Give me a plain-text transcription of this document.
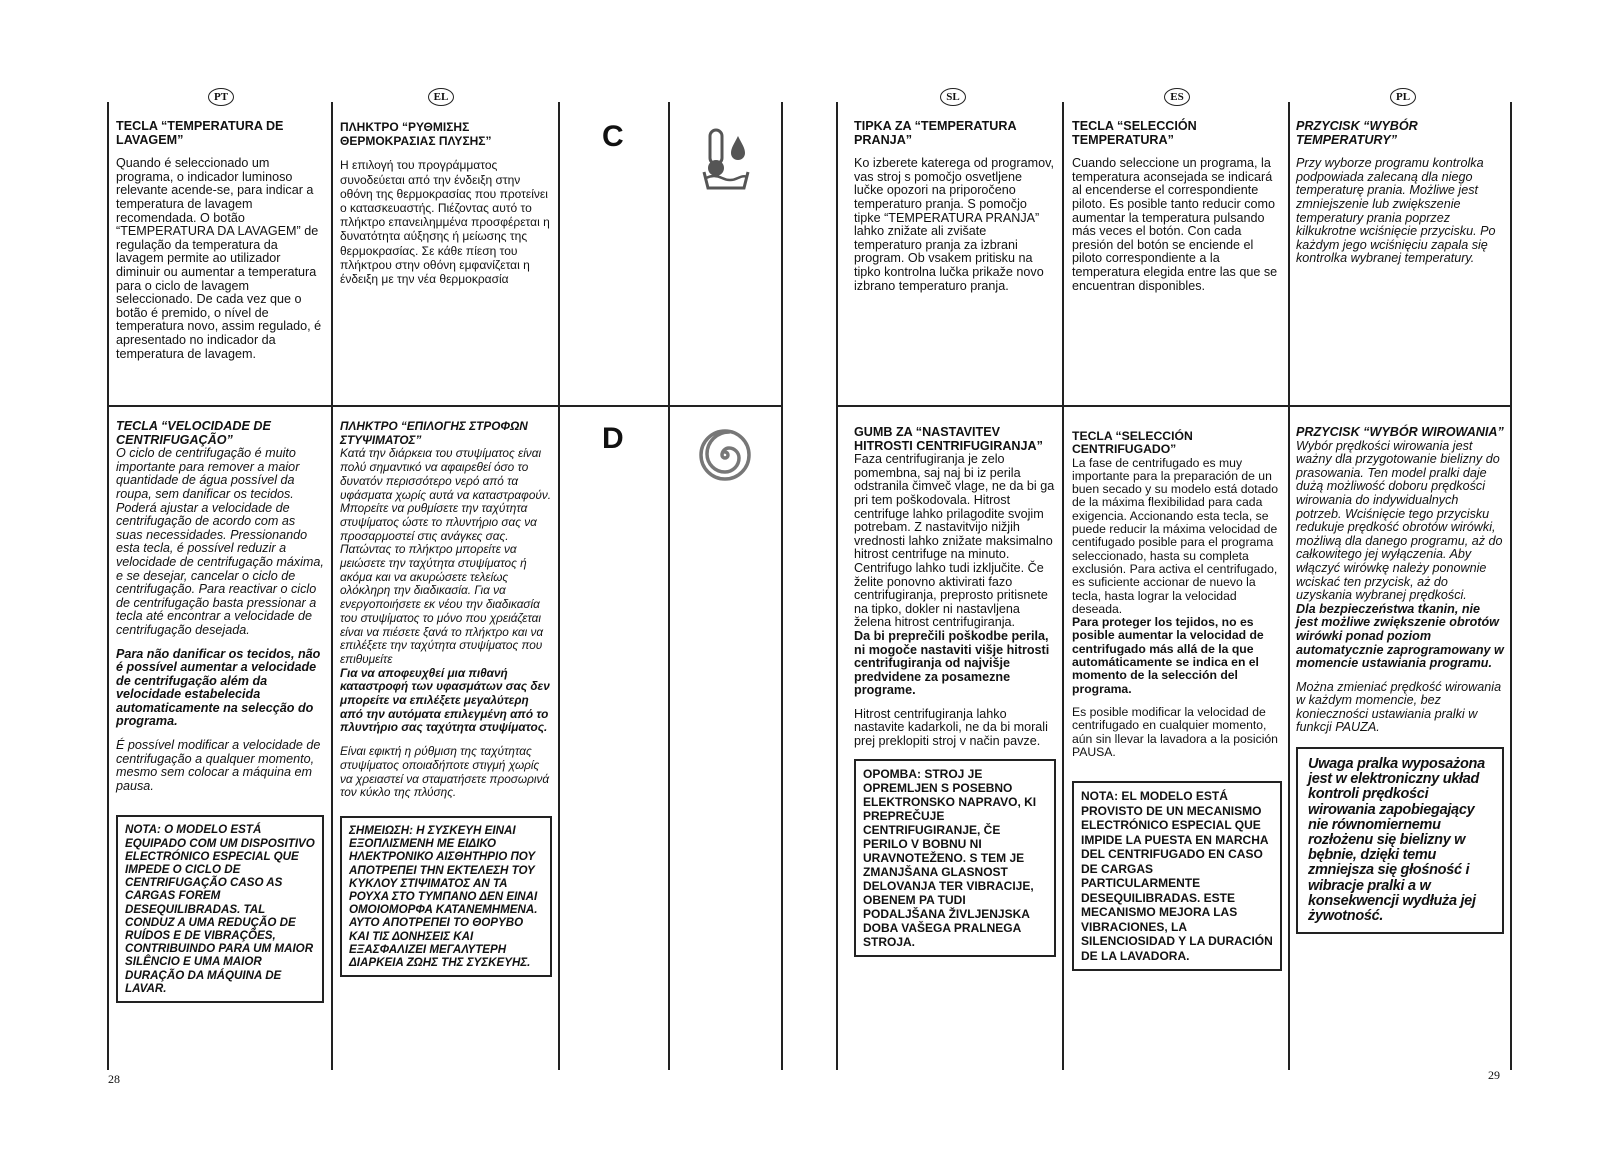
PT	EL	SL	ES	PL
C
D
TECLA “TEMPERATURA DE LAVAGEM”
Quando é seleccionado um programa, o indicador luminoso relevante acende-se, para indicar a temperatura de lavagem recomendada. O botão “TEMPERATURA DA LAVAGEM” de regulação da temperatura da lavagem permite ao utilizador diminuir ou aumentar a temperatura para o ciclo de lavagem seleccionado. De cada vez que o botão é premido, o nível de temperatura novo, assim regulado, é apresentado no indicador da temperatura de lavagem.
ΠΛΗΚΤΡΟ “ΡΥΘΜΙΣΗΣ ΘΕΡΜΟΚΡΑΣΙΑΣ ΠΛΥΣΗΣ”
Η επιλογή του προγράμματος συνοδεύεται από την ένδειξη στην οθόνη της θερμοκρασίας που προτείνει ο κατασκευαστής. Πιέζοντας αυτό το πλήκτρο επανειλημμένα προσφέρεται η δυνατότητα αύξησης ή μείωσης της θερμοκρασίας. Σε κάθε πίεση του πλήκτρου στην οθόνη εμφανίζεται η ένδειξη με την νέα θερμοκρασία
TIPKA ZA “TEMPERATURA PRANJA”
Ko izberete katerega od programov, vas stroj s pomočjo osvetljene lučke opozori na priporočeno temperaturo pranja. S pomočjo tipke “TEMPERATURA PRANJA” lahko znižate ali zvišate temperaturo pranja za izbrani program. Ob vsakem pritisku na tipko kontrolna lučka prikaže novo izbrano temperaturo pranja.
TECLA “SELECCIÓN TEMPERATURA”
Cuando seleccione un programa, la temperatura aconsejada se indicará al encenderse el correspondiente piloto. Es posible tanto reducir como aumentar la temperatura pulsando más veces el botón. Con cada presión del botón se enciende el piloto correspondiente a la temperatura elegida entre las que se encuentran disponibles.
PRZYCISK “WYBÓR TEMPERATURY”
Przy wyborze programu kontrolka podpowiada zalecaną dla niego temperaturę prania. Możliwe jest zmniejszenie lub zwiększenie temperatury prania poprzez kilkukrotne wciśnięcie przycisku. Po każdym jego wciśnięciu zapala się kontrolka wybranej temperatury.
TECLA “VELOCIDADE DE CENTRIFUGAÇÃO”

O ciclo de centrifugação é muito importante para remover a maior quantidade de água possível da roupa, sem danificar os tecidos. Poderá ajustar a velocidade de centrifugação de acordo com as suas necessidades. Pressionando esta tecla, é possível reduzir a velocidade de centrifugação máxima, e se desejar, cancelar o ciclo de centrifugação. Para reactivar o ciclo de centrifugação basta pressionar a tecla até encontrar a velocidade de centrifugação desejada.

Para não danificar os tecidos, não é possível aumentar a velocidade de centrifugação além da velocidade estabelecida automaticamente na selecção do programa.

É possível modificar a velocidade de centrifugação a qualquer momento, mesmo sem colocar a máquina em pausa.

NOTA: O MODELO ESTÁ EQUIPADO COM UM DISPOSITIVO ELECTRÓNICO ESPECIAL QUE IMPEDE O CICLO DE CENTRIFUGAÇÃO CASO AS CARGAS FOREM DESEQUILIBRADAS. TAL CONDUZ A UMA REDUÇÃO DE RUÍDOS E DE VIBRAÇÕES, CONTRIBUINDO PARA UM MAIOR SILÊNCIO E UMA MAIOR DURAÇÃO DA MÁQUINA DE LAVAR.
ΠΛΗΚΤΡΟ “ΕΠΙΛΟΓΗΣ ΣΤΡΟΦΩΝ ΣΤΥΨΙΜΑΤΟΣ”
Κατά την διάρκεια του στυψίματος είναι πολύ σημαντικό να αφαιρεθεί όσο το δυνατόν περισσότερο νερό από τα υφάσματα χωρίς αυτά να καταστραφούν. Μπορείτε να ρυθμίσετε την ταχύτητα στυψίματος ώστε το πλυντήριο σας να προσαρμοστεί στις ανάγκες σας. Πατώντας το πλήκτρο μπορείτε να μειώσετε την ταχύτητα στυψίματος ή ακόμα και να ακυρώσετε τελείως ολόκληρη την διαδικασία. Για να ενεργοποιήσετε εκ νέου την διαδικασία του στυψίματος το μόνο που χρειάζεται είναι να πιέσετε ξανά το πλήκτρο και να επιλέξετε την ταχύτητα στυψίματος που επιθυμείτε

Για να αποφευχθεί μια πιθανή καταστροφή των υφασμάτων σας δεν μπορείτε να επιλέξετε μεγαλύτερη από την αυτόματα επιλεγμένη από το πλυντήριο σας ταχύτητα στυψίματος.

Είναι εφικτή η ρύθμιση της ταχύτητας στυψίματος οποιαδήποτε στιγμή χωρίς να χρειαστεί να σταματήσετε προσωρινά τον κύκλο της πλύσης.

ΣΗΜΕΙΩΣΗ: Η ΣΥΣΚΕΥΗ ΕΙΝΑΙ ΕΞΟΠΛΙΣΜΕΝΗ ΜΕ ΕΙΔΙΚΟ ΗΛΕΚΤΡΟΝΙΚΟ ΑΙΣΘΗΤΗΡΙΟ ΠΟΥ ΑΠΟΤΡΕΠΕΙ ΤΗΝ ΕΚΤΕΛΕΣΗ ΤΟΥ ΚΥΚΛΟΥ ΣΤΙΨΙΜΑΤΟΣ ΑΝ ΤΑ ΡΟΥΧΑ ΣΤΟ ΤΥΜΠΑΝΟ ΔΕΝ ΕΙΝΑΙ ΟΜΟΙΟΜΟΡΦΑ ΚΑΤΑΝΕΜΗΜΕΝΑ. ΑΥΤΟ ΑΠΟΤΡΕΠΕΙ ΤΟ ΘΟΡΥΒΟ ΚΑΙ ΤΙΣ ΔΟΝΗΣΕΙΣ ΚΑΙ ΕΞΑΣΦΑΛΙΖΕΙ ΜΕΓΑΛΥΤΕΡΗ ΔΙΑΡΚΕΙΑ ΖΩΗΣ ΤΗΣ ΣΥΣΚΕΥΗΣ.
GUMB ZA “NASTAVITEV HITROSTI CENTRIFUGIRANJA”
Faza centrifugiranja je zelo pomembna, saj naj bi iz perila odstranila čimveč vlage, ne da bi ga pri tem poškodovala. Hitrost centrifuge lahko prilagodite svojim potrebam. Z nastavitvijo nižjih vrednosti lahko znižate maksimalno hitrost centrifuge na minuto. Centrifugo lahko tudi izključite. Če želite ponovno aktivirati fazo centrifugiranja, preprosto pritisnete na tipko, dokler ni nastavljena želena hitrost centrifugiranja.

Da bi preprečili poškodbe perila, ni mogoče nastaviti višje hitrosti centrifugiranja od najvišje predvidene za posamezne programe.

Hitrost centrifugiranja lahko nastavite kadarkoli, ne da bi morali prej preklopiti stroj v način pavze.

OPOMBA: STROJ JE OPREMLJEN S POSEBNO ELEKTRONSKO NAPRAVO, KI PREPREČUJE CENTRIFUGIRANJE, ČE PERILO V BOBNU NI URAVNOTEŽENO. S TEM JE ZMANJŠANA GLASNOST DELOVANJA TER VIBRACIJE, OBENEM PA TUDI PODALJŠANA ŽIVLJENJSKA DOBA VAŠEGA PRALNEGA STROJA.
TECLA “SELECCIÓN CENTRIFUGADO”
La fase de centrifugado es muy importante para la preparación de un buen secado y su modelo está dotado de la máxima flexibilidad para cada exigencia. Accionando esta tecla, se puede reducir la máxima velocidad de centifugado posible para el programa seleccionado, hasta su completa exclusión. Para activa el centrifugado, es suficiente accionar de nuevo la tecla, hasta lograr la velocidad deseada.

Para proteger los tejidos, no es posible aumentar la velocidad de centrifugado más allá de la que automáticamente se indica en el momento de la selección del programa.

Es posible modificar la velocidad de centrifugado en cualquier momento, aún sin llevar la lavadora a la posición PAUSA.

NOTA: EL MODELO ESTÁ PROVISTO DE UN MECANISMO ELECTRÓNICO ESPECIAL QUE IMPIDE LA PUESTA EN MARCHA DEL CENTRIFUGADO EN CASO DE CARGAS PARTICULARMENTE DESEQUILIBRADAS. ESTE MECANISMO MEJORA LAS VIBRACIONES, LA SILENCIOSIDAD Y LA DURACIÓN DE LA LAVADORA.
PRZYCISK “WYBÓR WIROWANIA”
Wybór prędkości wirowania jest ważny dla przygotowanie bielizny do prasowania. Ten model pralki daje dużą możliwość doboru prędkości wirowania do indywidualnych potrzeb. Wciśnięcie tego przycisku redukuje prędkość obrotów wirówki, możliwą dla danego programu, aż do całkowitego jej wyłączenia. Aby włączyć wirówkę należy ponownie wciskać ten przycisk, aż do uzyskania wybranej prędkości.

Dla bezpieczeństwa tkanin, nie jest możliwe zwiększenie obrotów wirówki ponad poziom automatycznie zaprogramowany w momencie ustawiania programu.

Można zmieniać prędkość wirowania w każdym momencie, bez konieczności ustawiania pralki w funkcji PAUZA.

Uwaga pralka wyposażona jest w elektroniczny układ kontroli prędkości wirowania zapobiegający nie równomiernemu rozłożenu się bielizny w bębnie, dzięki temu zmniejsza się głośność i wibracje pralki a w konsekwencji wydłuża jej żywotność.
28	29
